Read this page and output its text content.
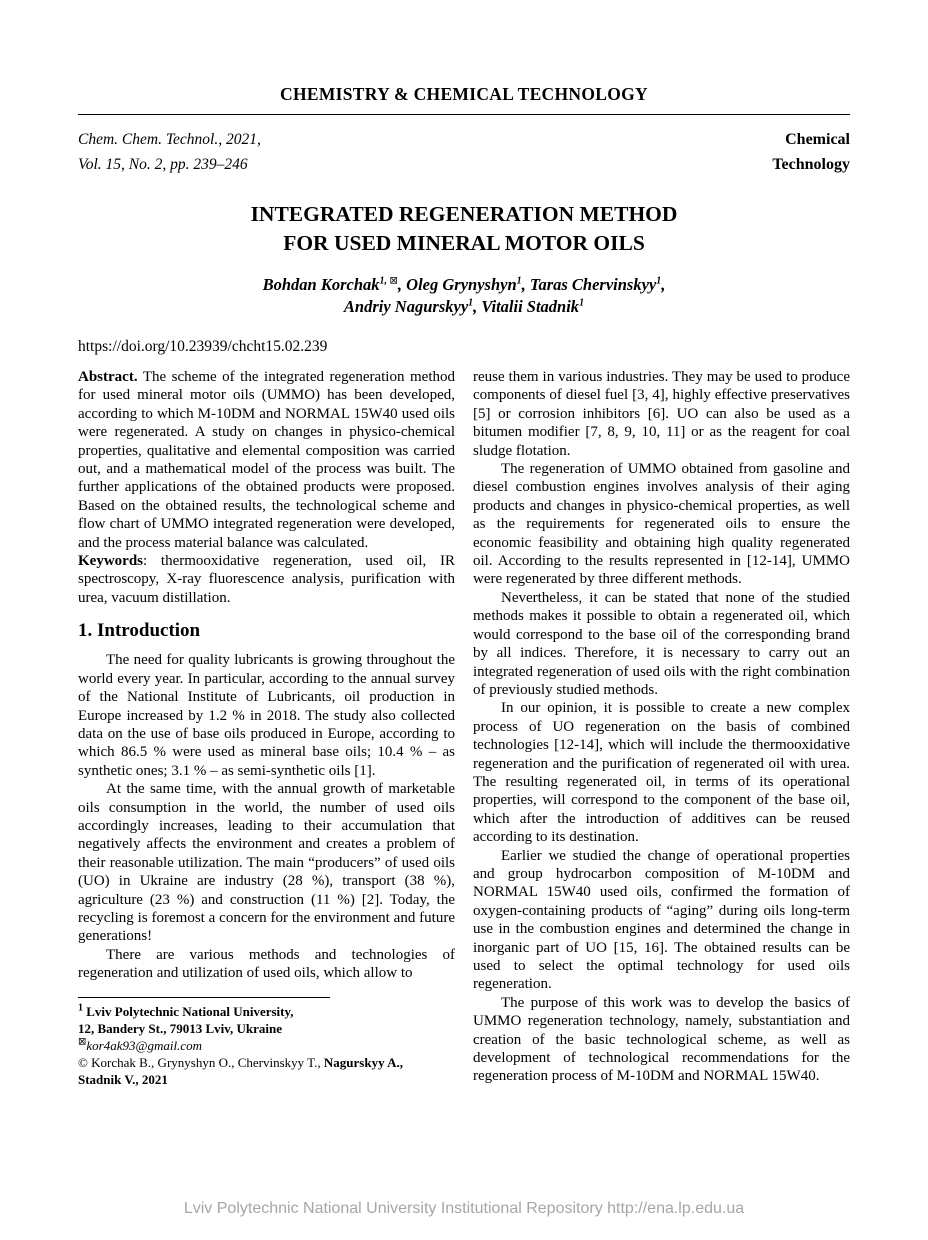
CHEMISTRY & CHEMICAL TECHNOLOGY

Chem. Chem. Technol., 2021,
Vol. 15, No. 2, pp. 239–246
Chemical
Technology
INTEGRATED REGENERATION METHOD
FOR USED MINERAL MOTOR OILS
Bohdan Korchak$^{1, ⊠}$, Oleg Grynyshyn$^1$, Taras Chervinskyy$^1$,
Andriy Nagurskyy$^1$, Vitalii Stadnik$^1$
https://doi.org/10.23939/chcht15.02.239

Abstract. The scheme of the integrated regeneration method for used mineral motor oils (UMMO) has been developed, according to which M-10DM and NORMAL 15W40 used oils were regenerated. A study on changes in physico-chemical properties, qualitative and elemental composition was carried out, and a mathematical model of the process was built. The further applications of the obtained products were proposed. Based on the obtained results, the technological scheme and flow chart of UMMO integrated regeneration were developed, and the process material balance was calculated.

Keywords: thermooxidative regeneration, used oil, IR spectroscopy, X-ray fluorescence analysis, purification with urea, vacuum distillation.

1. Introduction

The need for quality lubricants is growing throughout the world every year. In particular, according to the annual survey of the National Institute of Lubricants, oil production in Europe increased by 1.2 % in 2018. The study also collected data on the use of base oils produced in Europe, according to which 86.5 % were used as mineral base oils; 10.4 % – as synthetic ones; 3.1 % – as semi-synthetic oils [1].

At the same time, with the annual growth of marketable oils consumption in the world, the number of used oils accordingly increases, leading to their accumulation that negatively affects the environment and creates a problem of their reasonable utilization. The main “producers” of used oils (UO) in Ukraine are industry (28 %), transport (38 %), agriculture (23 %) and construction (11 %) [2]. Today, the recycling is foremost a concern for the environment and future generations!

There are various methods and technologies of regeneration and utilization of used oils, which allow to

$^1$ Lviv Polytechnic National University,
12, Bandery St., 79013 Lviv, Ukraine
⊠kor4ak93@gmail.com
© Korchak B., Grynyshyn O., Chervinskyy T., Nagurskyy A.,
Stadnik V., 2021

reuse them in various industries. They may be used to produce components of diesel fuel [3, 4], highly effective preservatives [5] or corrosion inhibitors [6]. UO can also be used as a bitumen modifier [7, 8, 9, 10, 11] or as the reagent for coal sludge flotation.

The regeneration of UMMO obtained from gasoline and diesel combustion engines involves analysis of their aging products and changes in physico-chemical properties, as well as the requirements for regenerated oils to ensure the economic feasibility and obtaining high quality regenerated oil. According to the results represented in [12-14], UMMO were regenerated by three different methods.

Nevertheless, it can be stated that none of the studied methods makes it possible to obtain a regenerated oil, which would correspond to the base oil of the corresponding brand by all indices. Therefore, it is necessary to carry out an integrated regeneration of used oils with the right combination of previously studied methods.

In our opinion, it is possible to create a new complex process of UO regeneration on the basis of combined technologies [12-14], which will include the thermooxidative regeneration and the purification of regenerated oil with urea. The resulting regenerated oil, in terms of its operational properties, will correspond to the component of the base oil, which after the introduction of additives can be reused according to its destination.

Earlier we studied the change of operational properties and group hydrocarbon composition of M-10DM and NORMAL 15W40 used oils, confirmed the formation of oxygen-containing products of “aging” during oils long-term use in the combustion engines and determined the change in inorganic part of UO [15, 16]. The obtained results can be used to select the optimal technology for used oils regeneration.

The purpose of this work was to develop the basics of UMMO regeneration technology, namely, substantiation and creation of the basic technological scheme, as well as development of technological recommendations for the regeneration process of M-10DM and NORMAL 15W40.

Lviv Polytechnic National University Institutional Repository http://ena.lp.edu.ua
